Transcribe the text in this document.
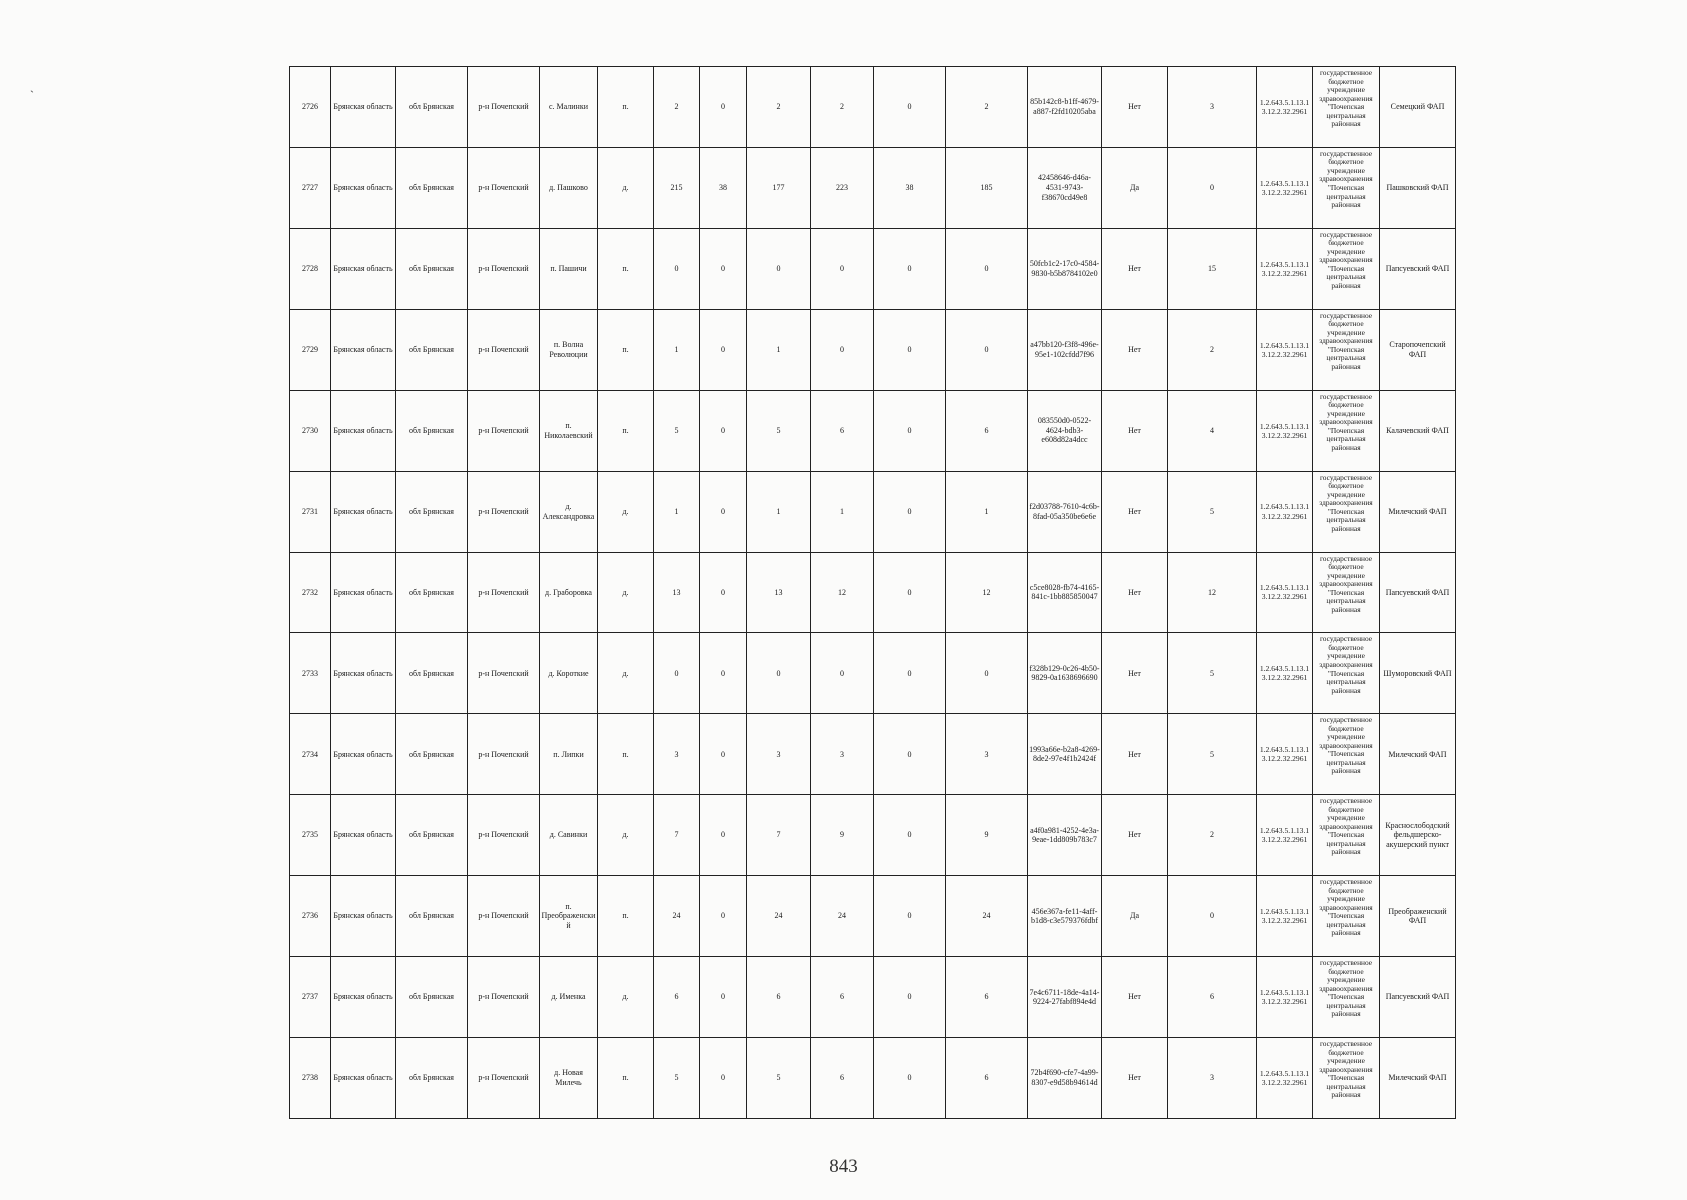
`
2726	Брянская область	обл Брянская	р-н Почепский	с. Малинки	п.	2	0	2	2	0	2	85b142c8-b1ff-4679-a887-f2fd10205aba	Нет	3	1.2.643.5.1.13.13.12.2.32.2961	государственное бюджетное учреждение здравоохранения "Почепская центральная районная	Семецкий ФАП
2727	Брянская область	обл Брянская	р-н Почепский	д. Пашково	д.	215	38	177	223	38	185	42458646-d46a-4531-9743-f38670cd49e8	Да	0	1.2.643.5.1.13.13.12.2.32.2961	государственное бюджетное учреждение здравоохранения "Почепская центральная районная	Пашковский ФАП
2728	Брянская область	обл Брянская	р-н Почепский	п. Пашичи	п.	0	0	0	0	0	0	50fcb1c2-17c0-4584-9830-b5b8784102e0	Нет	15	1.2.643.5.1.13.13.12.2.32.2961	государственное бюджетное учреждение здравоохранения "Почепская центральная районная	Папсуевский ФАП
2729	Брянская область	обл Брянская	р-н Почепский	п. Волна Революции	п.	1	0	1	0	0	0	a47bb120-f3f8-496e-95e1-102cfdd7f96	Нет	2	1.2.643.5.1.13.13.12.2.32.2961	государственное бюджетное учреждение здравоохранения "Почепская центральная районная	Старопочепский ФАП
2730	Брянская область	обл Брянская	р-н Почепский	п. Николаевский	п.	5	0	5	6	0	6	083550d0-0522-4624-bdb3-e608d82a4dcc	Нет	4	1.2.643.5.1.13.13.12.2.32.2961	государственное бюджетное учреждение здравоохранения "Почепская центральная районная	Калачевский ФАП
2731	Брянская область	обл Брянская	р-н Почепский	д. Александровка	д.	1	0	1	1	0	1	f2d03788-7610-4c6b-8fad-05a350be6e6e	Нет	5	1.2.643.5.1.13.13.12.2.32.2961	государственное бюджетное учреждение здравоохранения "Почепская центральная районная	Милечский ФАП
2732	Брянская область	обл Брянская	р-н Почепский	д. Грабоpовка	д.	13	0	13	12	0	12	c5ce8028-fb74-4165-841c-1bb885850047	Нет	12	1.2.643.5.1.13.13.12.2.32.2961	государственное бюджетное учреждение здравоохранения "Почепская центральная районная	Папсуевский ФАП
2733	Брянская область	обл Брянская	р-н Почепский	д. Короткие	д.	0	0	0	0	0	0	f328b129-0c26-4b50-9829-0a1638696690	Нет	5	1.2.643.5.1.13.13.12.2.32.2961	государственное бюджетное учреждение здравоохранения "Почепская центральная районная	Шумоpовский ФАП
2734	Брянская область	обл Брянская	р-н Почепский	п. Липки	п.	3	0	3	3	0	3	1993a66e-b2a8-4269-8de2-97e4f1b2424f	Нет	5	1.2.643.5.1.13.13.12.2.32.2961	государственное бюджетное учреждение здравоохранения "Почепская центральная районная	Милечский ФАП
2735	Брянская область	обл Брянская	р-н Почепский	д. Савинки	д.	7	0	7	9	0	9	a4f0a981-4252-4e3a-9eae-1dd809b783c7	Нет	2	1.2.643.5.1.13.13.12.2.32.2961	государственное бюджетное учреждение здравоохранения "Почепская центральная районная	Краснослободский фельдшерско-акушерский пункт
2736	Брянская область	обл Брянская	р-н Почепский	п. Преображенский	п.	24	0	24	24	0	24	456e367a-fe11-4aff-b1d8-c3e579376fdbf	Да	0	1.2.643.5.1.13.13.12.2.32.2961	государственное бюджетное учреждение здравоохранения "Почепская центральная районная	Преображенский ФАП
2737	Брянская область	обл Брянская	р-н Почепский	д. Именка	д.	6	0	6	6	0	6	7e4c6711-18de-4a14-9224-27fabf894e4d	Нет	6	1.2.643.5.1.13.13.12.2.32.2961	государственное бюджетное учреждение здравоохранения "Почепская центральная районная	Папсуевский ФАП
2738	Брянская область	обл Брянская	р-н Почепский	д. Новая Милечь	п.	5	0	5	6	0	6	72b4f690-cfe7-4a99-8307-e9d58b94614d	Нет	3	1.2.643.5.1.13.13.12.2.32.2961	государственное бюджетное учреждение здравоохранения "Почепская центральная районная	Милечский ФАП
843
